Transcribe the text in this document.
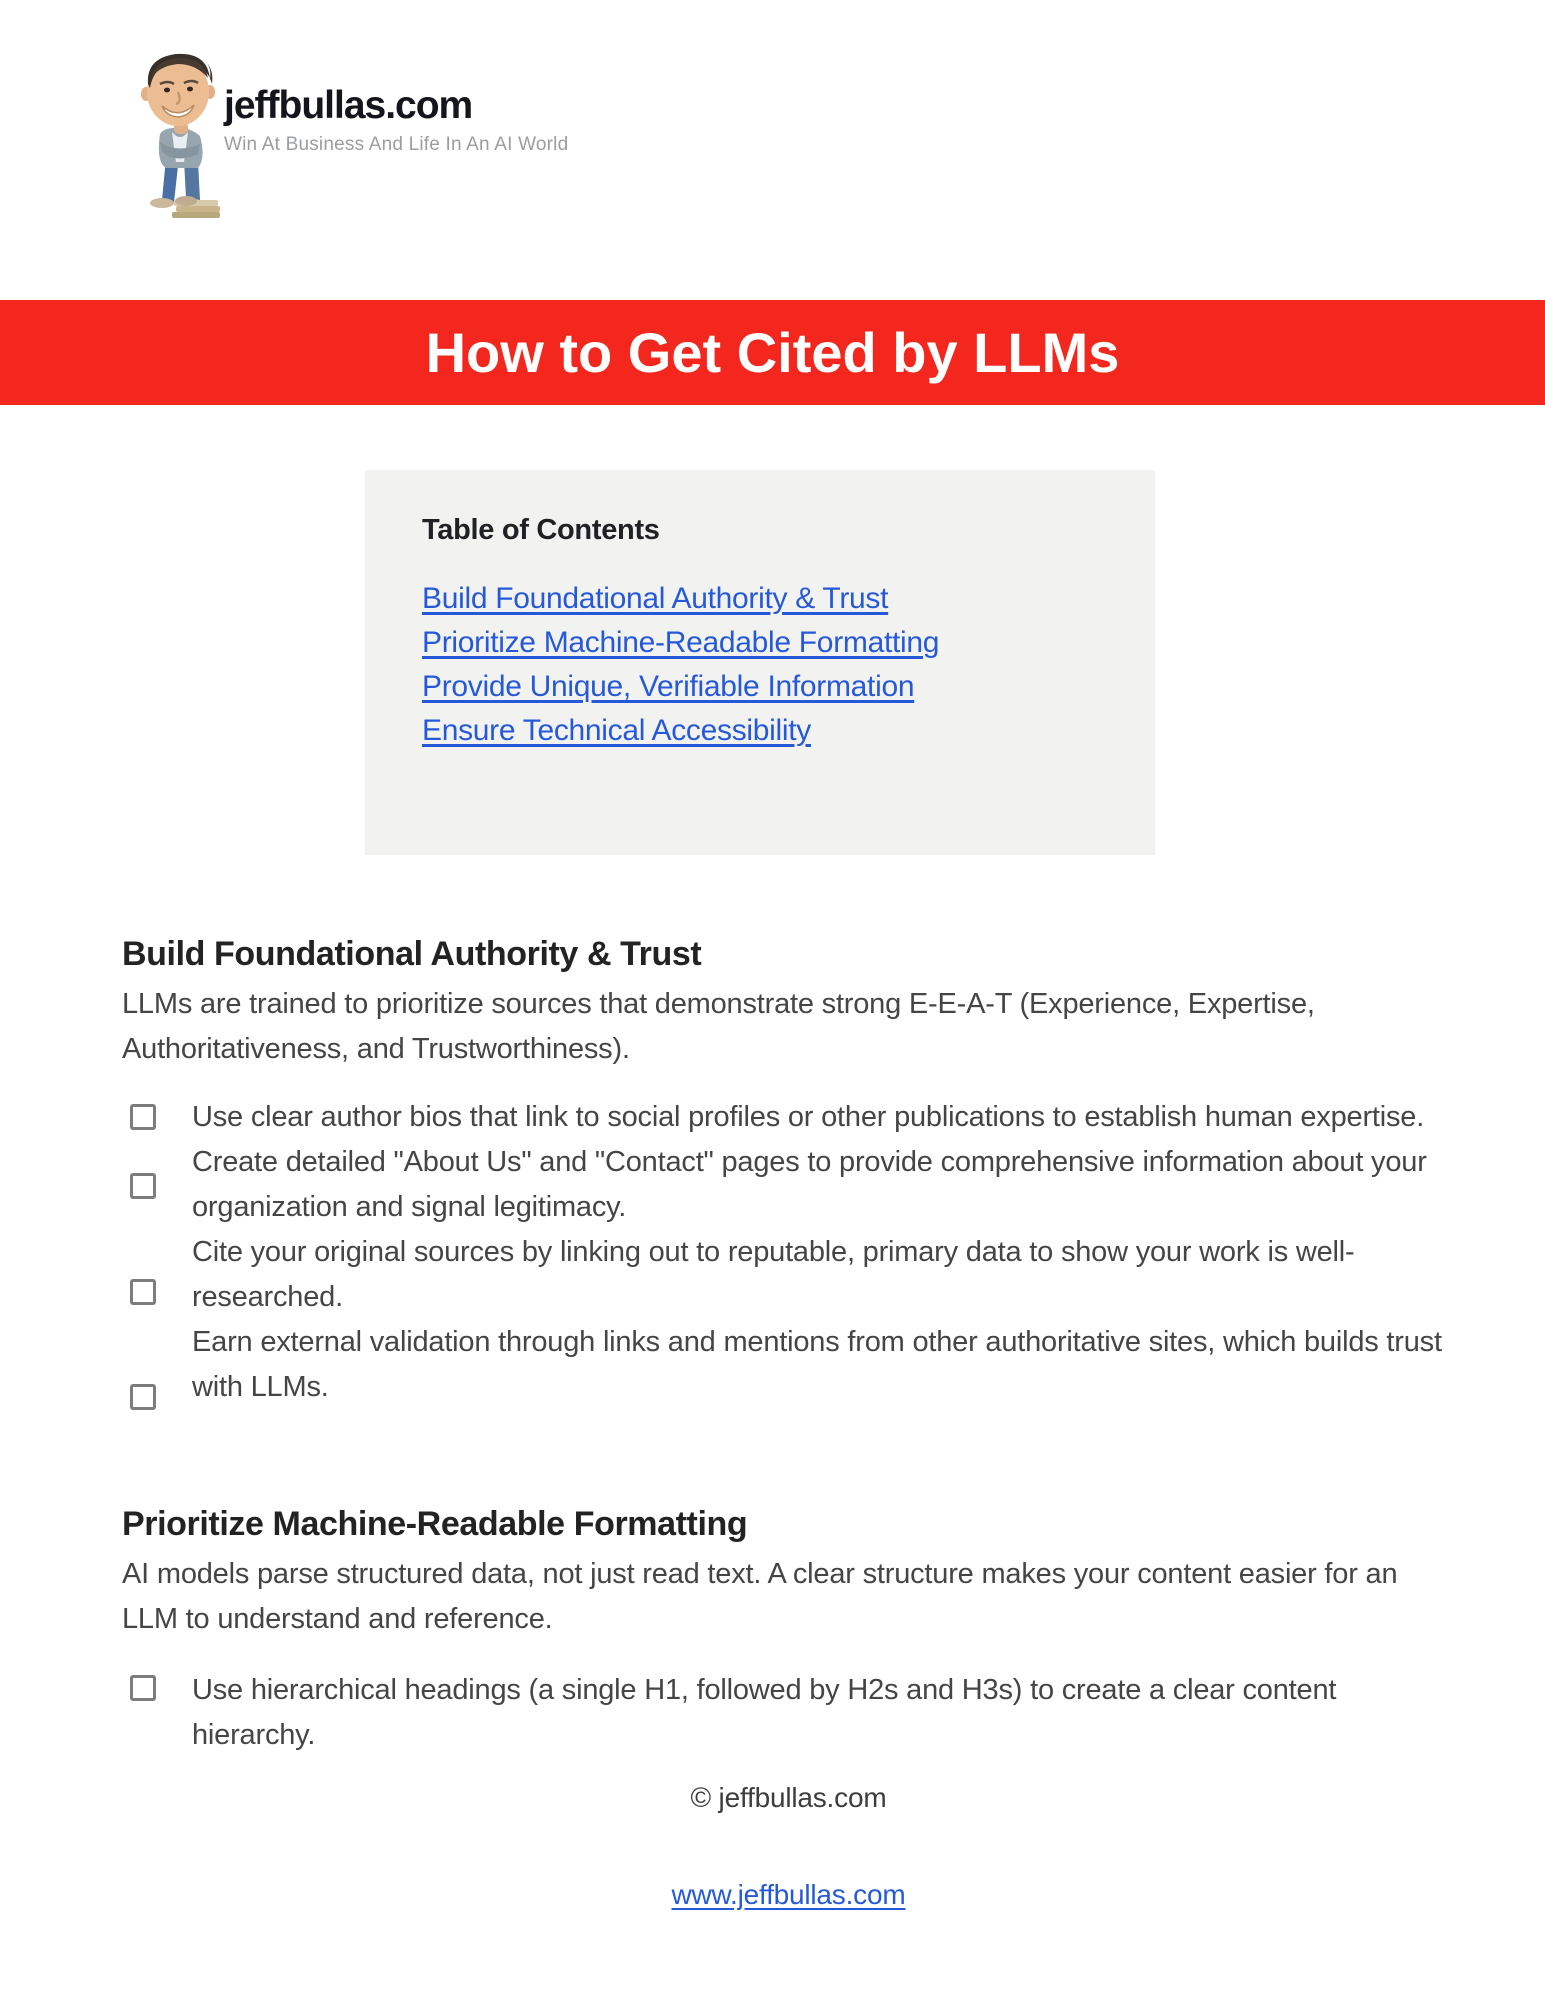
jeffbullas.com
Win At Business And Life In An AI World
How to Get Cited by LLMs
Table of Contents
Build Foundational Authority & Trust
Prioritize Machine-Readable Formatting
Provide Unique, Verifiable Information
Ensure Technical Accessibility
Build Foundational Authority & Trust
LLMs are trained to prioritize sources that demonstrate strong E-E-A-T (Experience, Expertise, Authoritativeness, and Trustworthiness).
Use clear author bios that link to social profiles or other publications to establish human expertise.
Create detailed "About Us" and "Contact" pages to provide comprehensive information about your organization and signal legitimacy.
Cite your original sources by linking out to reputable, primary data to show your work is well-researched.
Earn external validation through links and mentions from other authoritative sites, which builds trust with LLMs.
Prioritize Machine-Readable Formatting
AI models parse structured data, not just read text. A clear structure makes your content easier for an LLM to understand and reference.
Use hierarchical headings (a single H1, followed by H2s and H3s) to create a clear content hierarchy.
© jeffbullas.com

www.jeffbullas.com
